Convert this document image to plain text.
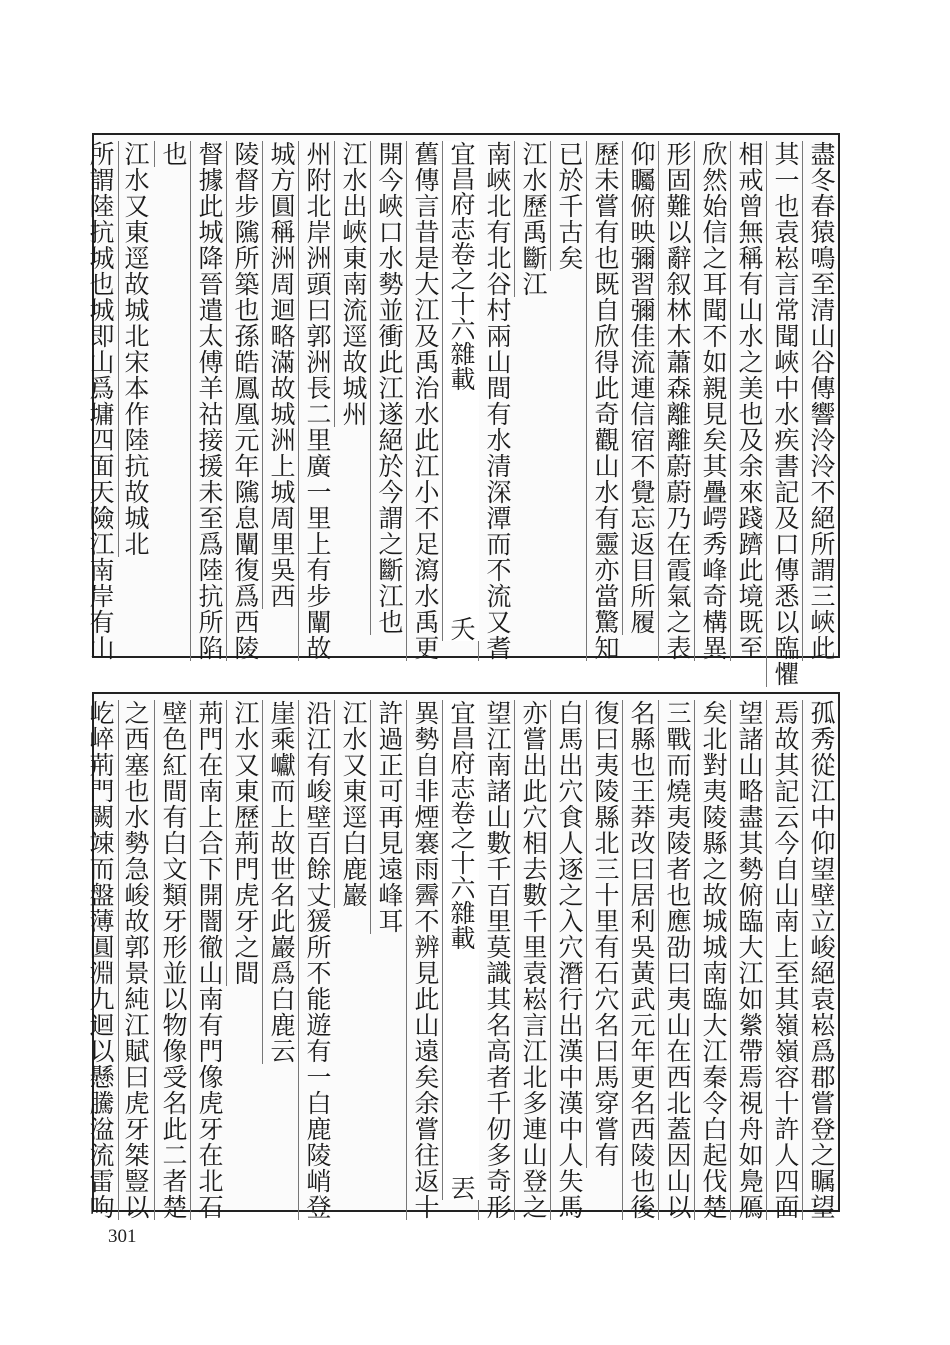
盡冬春猿鳴至清山谷傳響泠泠不絕所謂三峽此
其一也袁崧言常聞峽中水疾書記及口傳悉以臨懼
相戒曾無稱有山水之美也及余來踐躋此境既至
欣然始信之耳聞不如親見矣其疊崿秀峰奇構異
形固難以辭叙林木蕭森離離蔚蔚乃在霞氣之表
仰矚俯映彌習彌佳流連信宿不覺忘返目所履
歷未嘗有也既自欣得此奇觀山水有靈亦當驚知
已於千古矣
江水歷禹斷江
南峽北有北谷村兩山間有水清深潭而不流又耆
宜昌府志卷之十六雜載　　　　　　　　　夭
舊傳言昔是大江及禹治水此江小不足瀉水禹更
開今峽口水勢並衝此江遂絕於今謂之斷江也
江水出峽東南流逕故城州
州附北岸洲頭曰郭洲長二里廣一里上有步闡故
城方圓稱洲周迴略滿故城洲上城周里吳西
陵督步隲所築也孫皓鳳凰元年隲息闡復爲西陵
督據此城降晉遣太傅羊祜接援未至爲陸抗所陷
也
江水又東逕故城北宋本作陸抗故城北
所謂陸抗城也城即山爲墉四面天險江南岸有山
孤秀從江中仰望壁立峻絕袁崧爲郡嘗登之瞩望
焉故其記云今自山南上至其嶺嶺容十許人四面
望諸山略盡其勢俯臨大江如縈帶焉視舟如鳧鴈
矣北對夷陵縣之故城城南臨大江秦令白起伐楚
三戰而燒夷陵者也應劭曰夷山在西北蓋因山以
名縣也王莽改曰居利吳黃武元年更名西陵也後
復曰夷陵縣北三十里有石穴名曰馬穿嘗有
白馬出穴食人逐之入穴潛行出漢中漢中人失馬
亦嘗出此穴相去數千里袁崧言江北多連山登之
望江南諸山數千百里莫識其名高者千仞多奇形
宜昌府志卷之十六雜載　　　　　　　　　丟
異勢自非煙褰雨霽不辨見此山遠矣余嘗往返十
許過正可再見遠峰耳
江水又東逕白鹿巖
沿江有峻壁百餘丈猨所不能遊有一白鹿陵峭登
崖乘巘而上故世名此巖爲白鹿云
江水又東歷荊門虎牙之間
荊門在南上合下開闇徹山南有門像虎牙在北石
壁色紅間有白文類牙形並以物像受名此二者楚
之西塞也水勢急峻故郭景純江賦曰虎牙桀豎以
屹崪荊門闕竦而盤薄圓淵九迴以懸騰湓流雷呴
301
